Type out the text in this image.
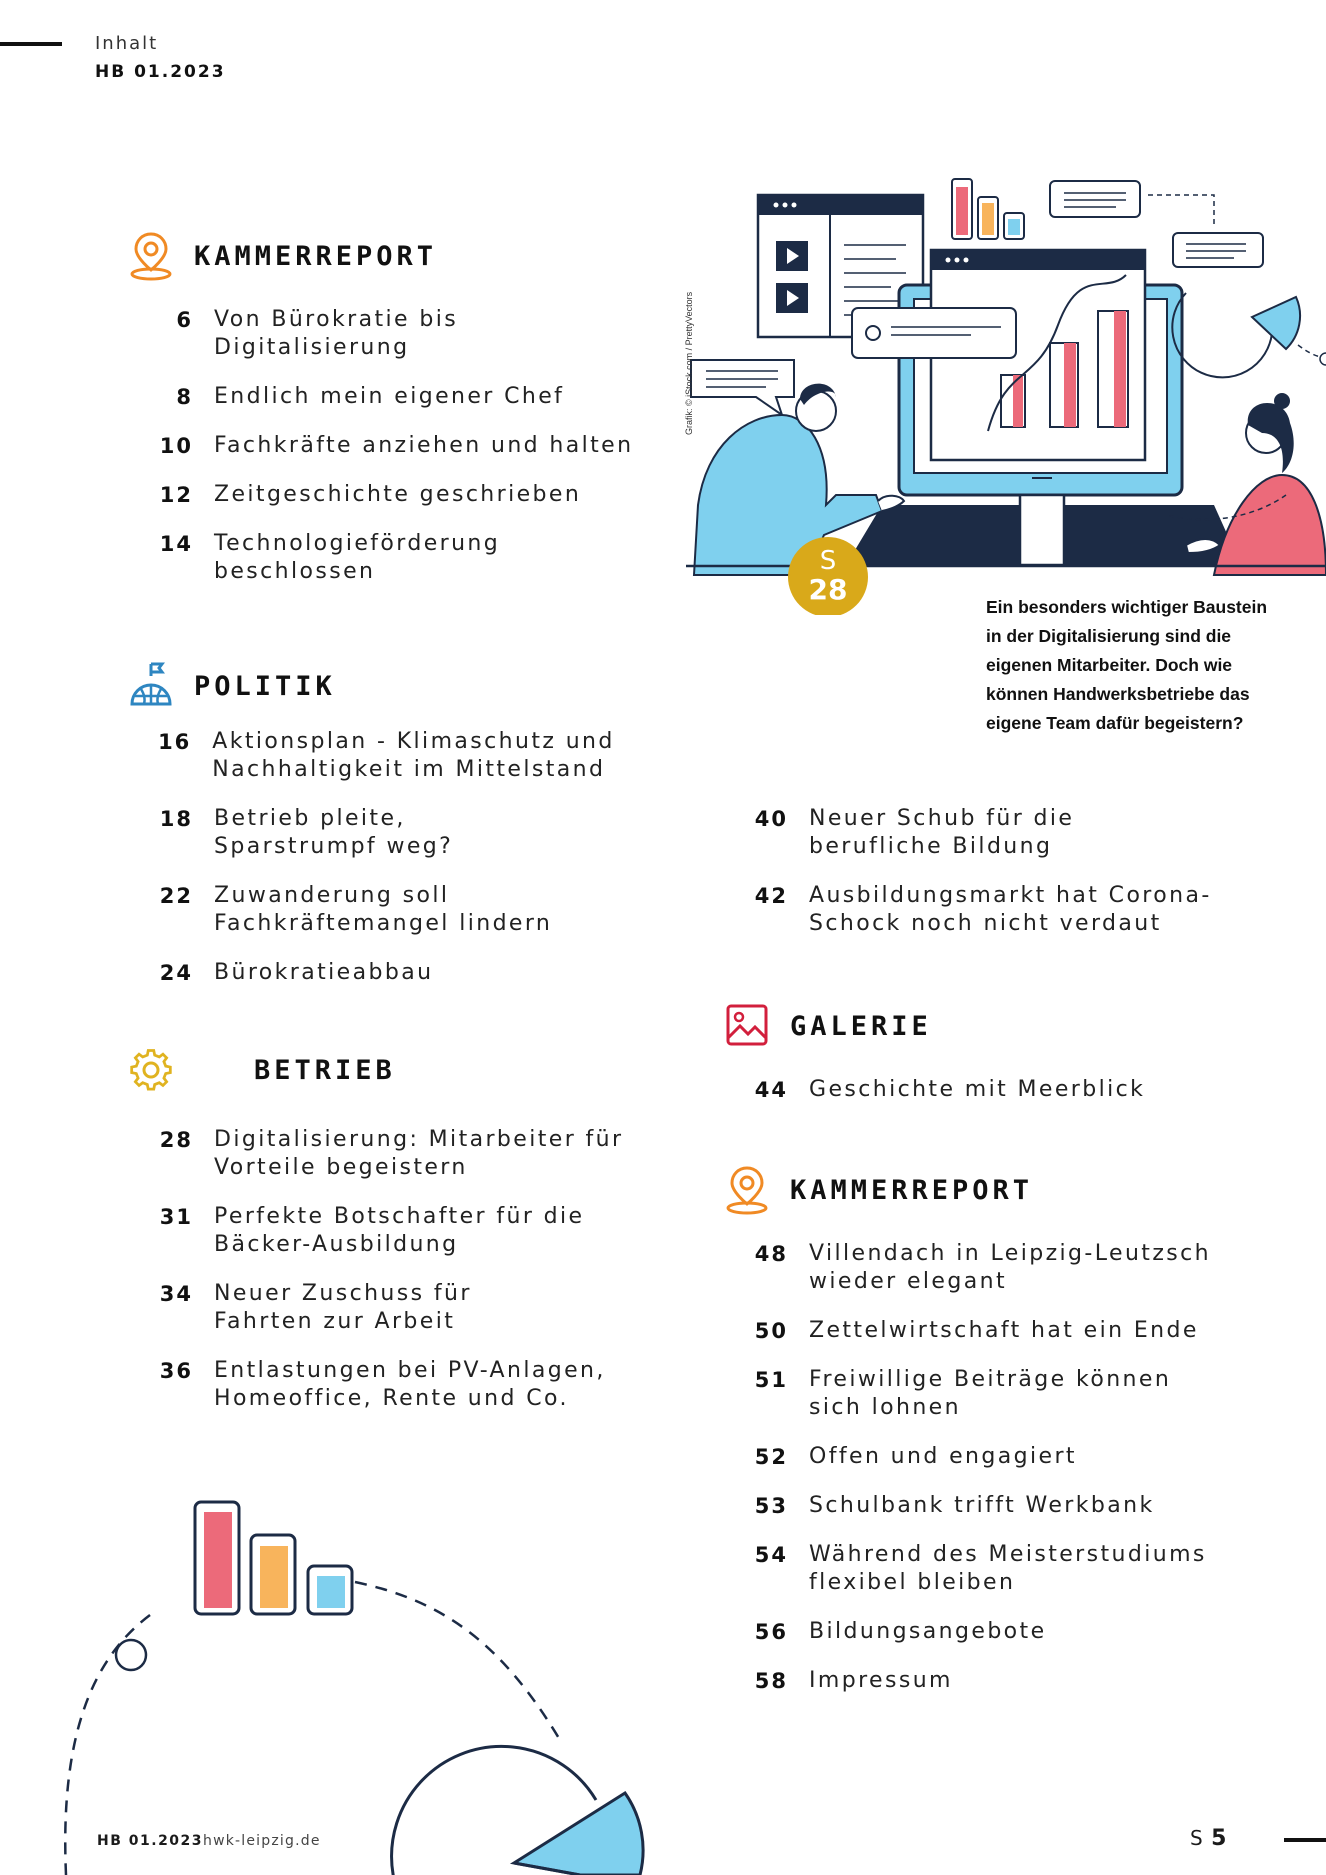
Inhalt
HB 01.2023
KAMMERREPORT
6 Von Bürokratie bis Digitalisierung
8 Endlich mein eigener Chef
10 Fachkräfte anziehen und halten
12 Zeitgeschichte geschrieben
14 Technologieförderung beschlossen
POLITIK
16 Aktionsplan - Klimaschutz und Nachhaltigkeit im Mittelstand
18 Betrieb pleite, Sparstrumpf weg?
22 Zuwanderung soll Fachkräftemangel lindern
24 Bürokratieabbau
BETRIEB
28 Digitalisierung: Mitarbeiter für Vorteile begeistern
31 Perfekte Botschafter für die Bäcker-Ausbildung
34 Neuer Zuschuss für Fahrten zur Arbeit
36 Entlastungen bei PV-Anlagen, Homeoffice, Rente und Co.
S
28
Grafik: © iStock.com / PrettyVectors
Ein besonders wichtiger Baustein in der Digitalisierung sind die eigenen Mitarbeiter. Doch wie können Handwerksbetriebe das eigene Team dafür begeistern?
40 Neuer Schub für die berufliche Bildung
42 Ausbildungsmarkt hat Corona-Schock noch nicht verdaut
GALERIE
44 Geschichte mit Meerblick
KAMMERREPORT
48 Villendach in Leipzig-Leutzsch wieder elegant
50 Zettelwirtschaft hat ein Ende
51 Freiwillige Beiträge können sich lohnen
52 Offen und engagiert
53 Schulbank trifft Werkbank
54 Während des Meisterstudiums flexibel bleiben
56 Bildungsangebote
58 Impressum
HB 01.2023 hwk-leipzig.de	S 5
